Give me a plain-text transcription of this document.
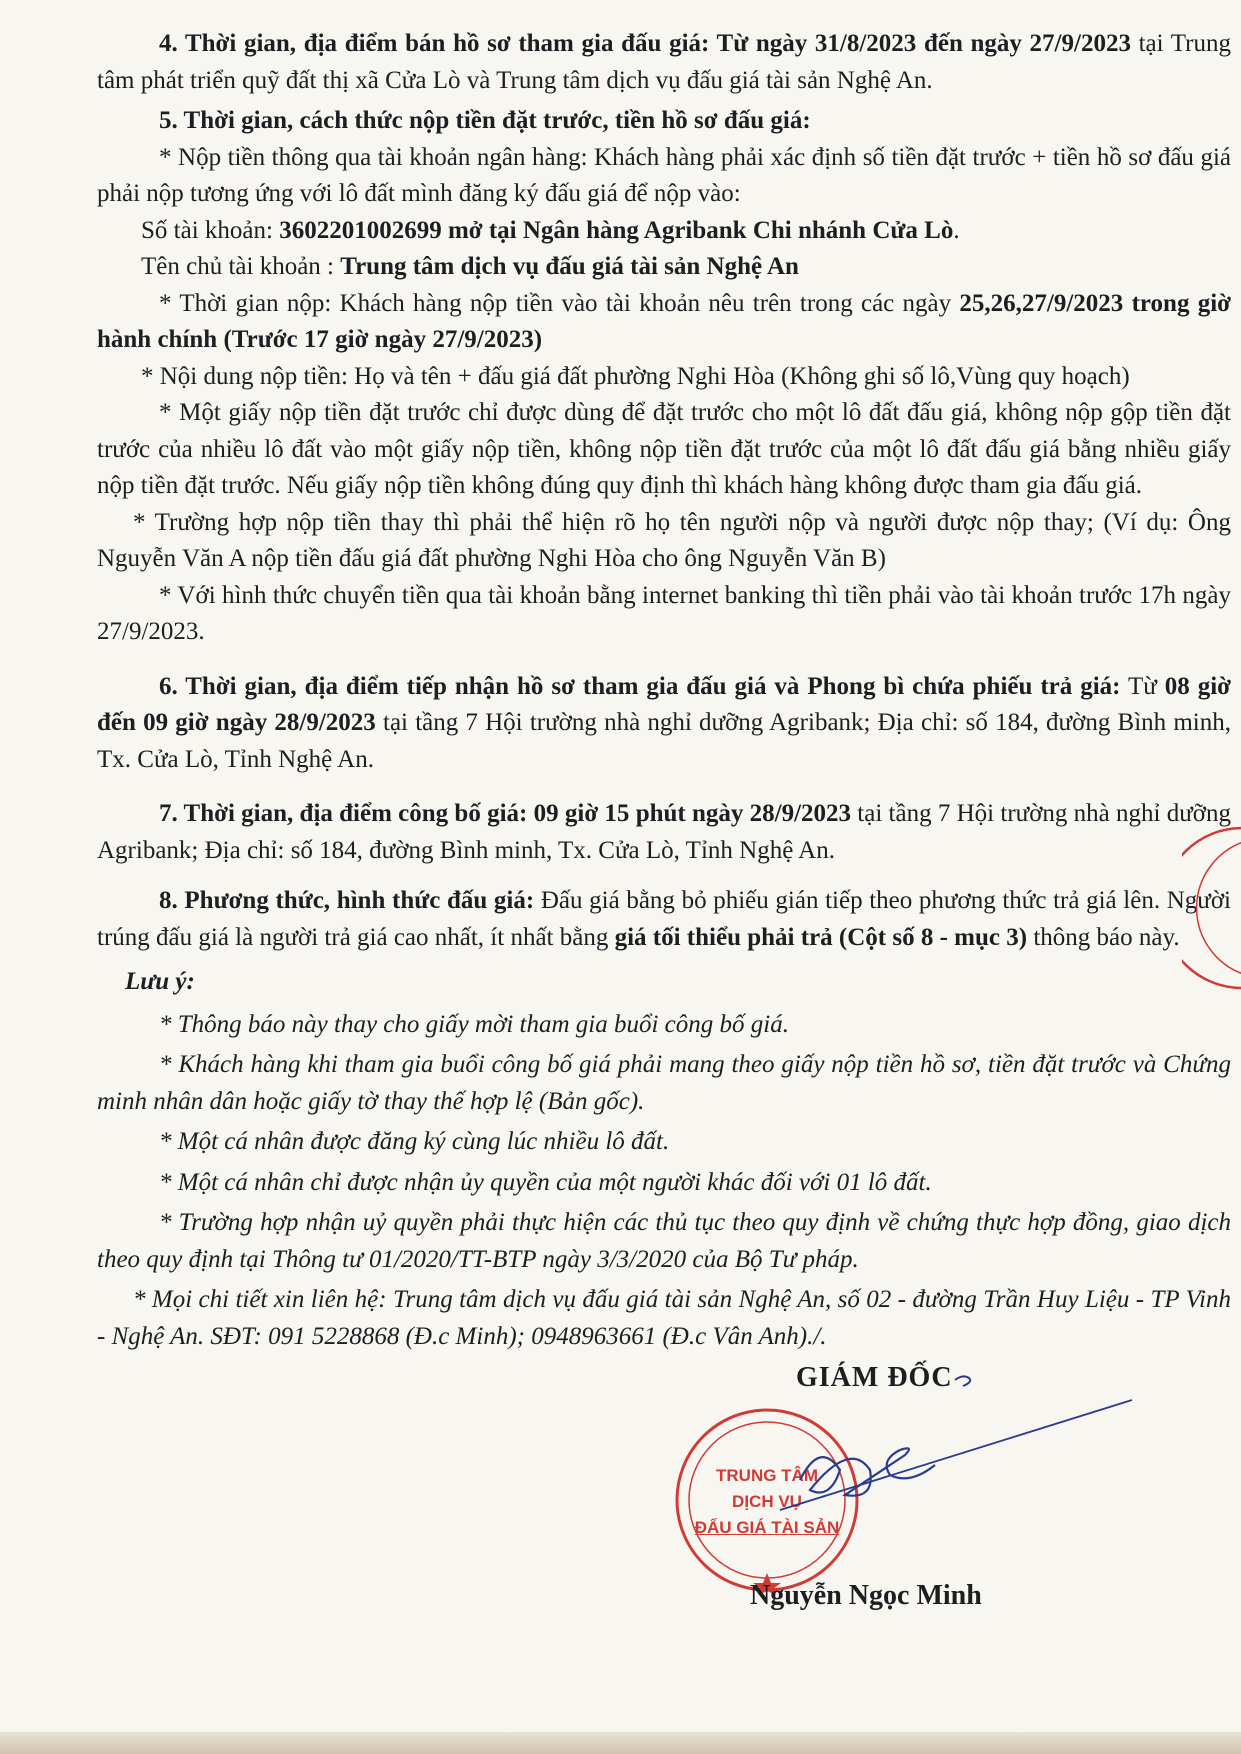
4. Thời gian, địa điểm bán hồ sơ tham gia đấu giá: Từ ngày 31/8/2023 đến ngày 27/9/2023 tại Trung tâm phát triển quỹ đất thị xã Cửa Lò và Trung tâm dịch vụ đấu giá tài sản Nghệ An.

5. Thời gian, cách thức nộp tiền đặt trước, tiền hồ sơ đấu giá:

* Nộp tiền thông qua tài khoản ngân hàng: Khách hàng phải xác định số tiền đặt trước + tiền hồ sơ đấu giá phải nộp tương ứng với lô đất mình đăng ký đấu giá để nộp vào:

Số tài khoản: 3602201002699 mở tại Ngân hàng Agribank Chi nhánh Cửa Lò.

Tên chủ tài khoản : Trung tâm dịch vụ đấu giá tài sản Nghệ An

* Thời gian nộp: Khách hàng nộp tiền vào tài khoản nêu trên trong các ngày 25,26,27/9/2023 trong giờ hành chính (Trước 17 giờ ngày 27/9/2023)

* Nội dung nộp tiền: Họ và tên + đấu giá đất phường Nghi Hòa (Không ghi số lô,Vùng quy hoạch)

* Một giấy nộp tiền đặt trước chỉ được dùng để đặt trước cho một lô đất đấu giá, không nộp gộp tiền đặt trước của nhiều lô đất vào một giấy nộp tiền, không nộp tiền đặt trước của một lô đất đấu giá bằng nhiều giấy nộp tiền đặt trước. Nếu giấy nộp tiền không đúng quy định thì khách hàng không được tham gia đấu giá.

* Trường hợp nộp tiền thay thì phải thể hiện rõ họ tên người nộp và người được nộp thay; (Ví dụ: Ông Nguyễn Văn A nộp tiền đấu giá đất phường Nghi Hòa cho ông Nguyễn Văn B)

* Với hình thức chuyển tiền qua tài khoản bằng internet banking thì tiền phải vào tài khoản trước 17h ngày 27/9/2023.

6. Thời gian, địa điểm tiếp nhận hồ sơ tham gia đấu giá và Phong bì chứa phiếu trả giá: Từ 08 giờ đến 09 giờ ngày 28/9/2023 tại tầng 7 Hội trường nhà nghỉ dưỡng Agribank; Địa chỉ: số 184, đường Bình minh, Tx. Cửa Lò, Tỉnh Nghệ An.

7. Thời gian, địa điểm công bố giá: 09 giờ 15 phút ngày 28/9/2023 tại tầng 7 Hội trường nhà nghỉ dưỡng Agribank; Địa chỉ: số 184, đường Bình minh, Tx. Cửa Lò, Tỉnh Nghệ An.

8. Phương thức, hình thức đấu giá: Đấu giá bằng bỏ phiếu gián tiếp theo phương thức trả giá lên. Người trúng đấu giá là người trả giá cao nhất, ít nhất bằng giá tối thiểu phải trả (Cột số 8 - mục 3) thông báo này.

Lưu ý:

* Thông báo này thay cho giấy mời tham gia buổi công bố giá.

* Khách hàng khi tham gia buổi công bố giá phải mang theo giấy nộp tiền hồ sơ, tiền đặt trước và Chứng minh nhân dân hoặc giấy tờ thay thế hợp lệ (Bản gốc).

* Một cá nhân được đăng ký cùng lúc nhiều lô đất.

* Một cá nhân chỉ được nhận ủy quyền của một người khác đối với 01 lô đất.

* Trường hợp nhận uỷ quyền phải thực hiện các thủ tục theo quy định về chứng thực hợp đồng, giao dịch theo quy định tại Thông tư 01/2020/TT-BTP ngày 3/3/2020 của Bộ Tư pháp.

* Mọi chi tiết xin liên hệ: Trung tâm dịch vụ đấu giá tài sản Nghệ An, số 02 - đường Trần Huy Liệu - TP Vinh - Nghệ An. SĐT: 091 5228868 (Đ.c Minh); 0948963661 (Đ.c Vân Anh)./.

TRUNG TÂM
DỊCH VỤ
ĐẤU GIÁ TÀI SẢN
GIÁM ĐỐC
Nguyễn Ngọc Minh
